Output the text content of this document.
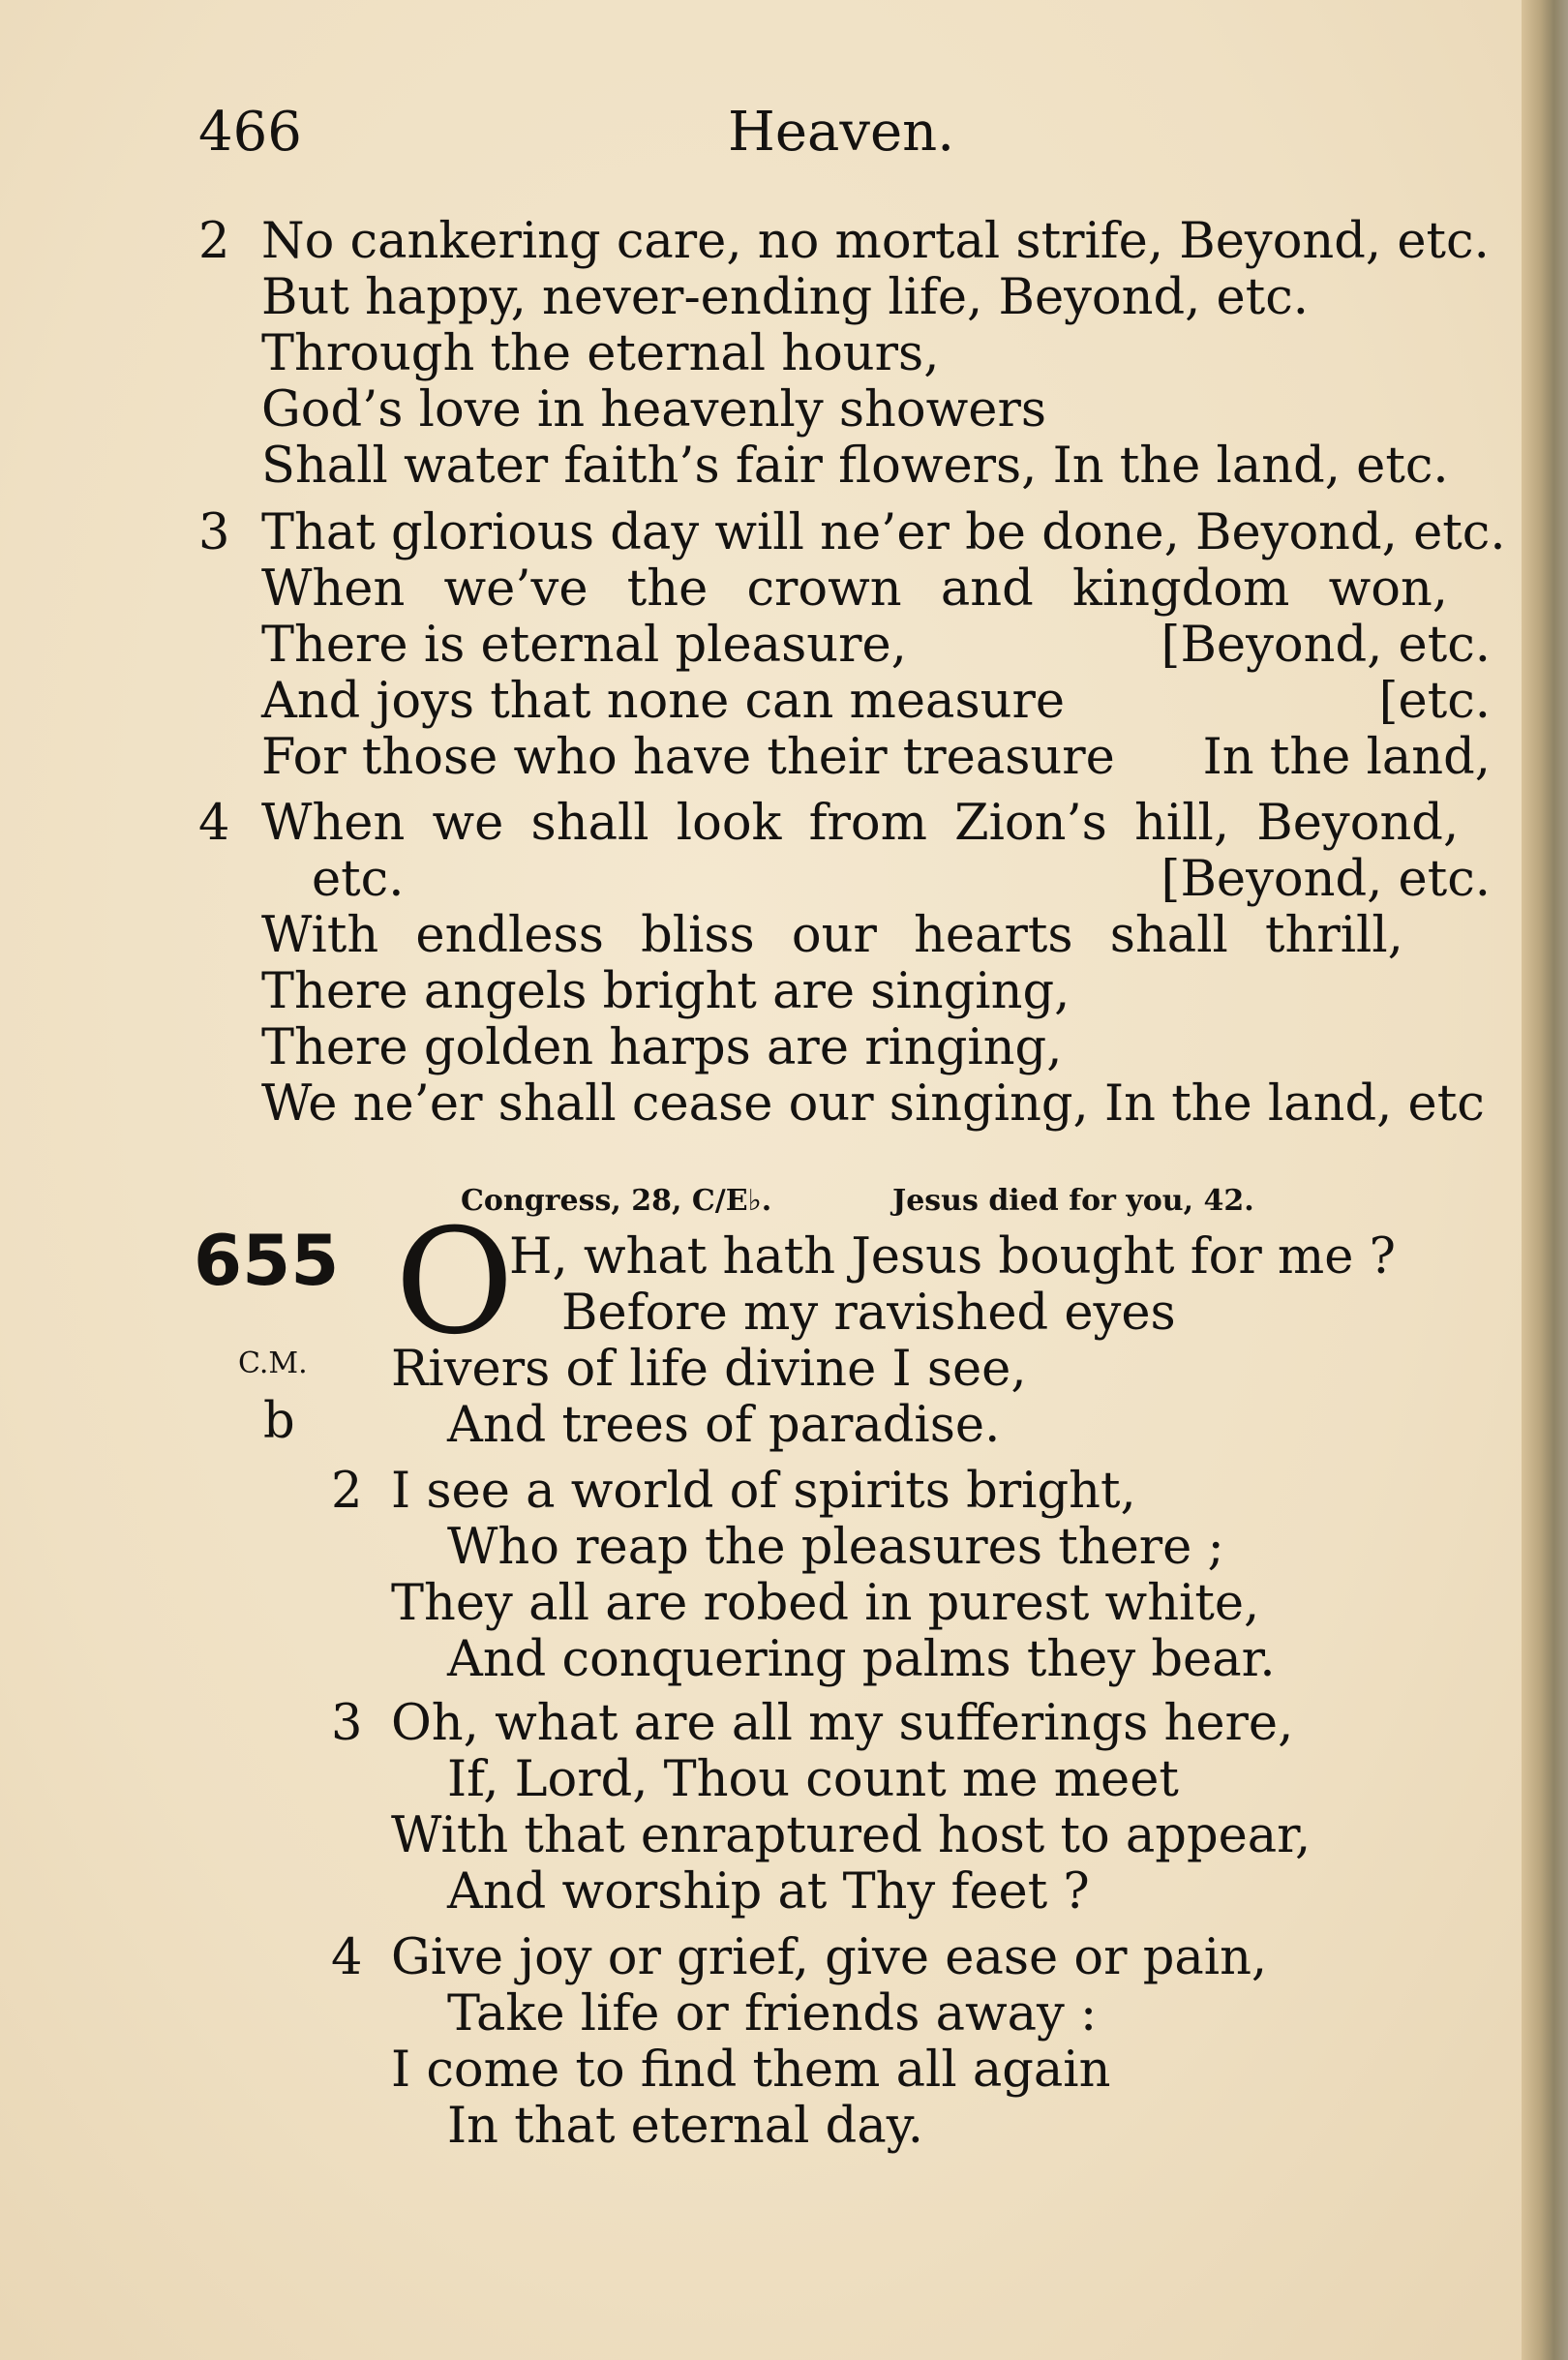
466	Heaven.
2 No cankering care, no mortal strife, Beyond, etc.
But happy, never-ending life, Beyond, etc.
Through the eternal hours,
God’s love in heavenly showers
Shall water faith’s fair flowers, In the land, etc.
3 That glorious day will ne’er be done, Beyond, etc.
When we’ve the crown and kingdom won,
There is eternal pleasure,	[Beyond, etc.
And joys that none can measure	[etc.
For those who have their treasure In the land,
4 When we shall look from Zion’s hill, Beyond,
etc.	[Beyond, etc.
With endless bliss our hearts shall thrill,
There angels bright are singing,
There golden harps are ringing,
We ne’er shall cease our singing, In the land, etc
Congress, 28, C/E♭.	Jesus died for you, 42.
655
C.M.
b
O
H, what hath Jesus bought for me ?
Before my ravished eyes
Rivers of life divine I see,
And trees of paradise.
2 I see a world of spirits bright,
Who reap the pleasures there ;
They all are robed in purest white,
And conquering palms they bear.
3 Oh, what are all my sufferings here,
If, Lord, Thou count me meet
With that enraptured host to appear,
And worship at Thy feet ?
4 Give joy or grief, give ease or pain,
Take life or friends away :
I come to find them all again
In that eternal day.
